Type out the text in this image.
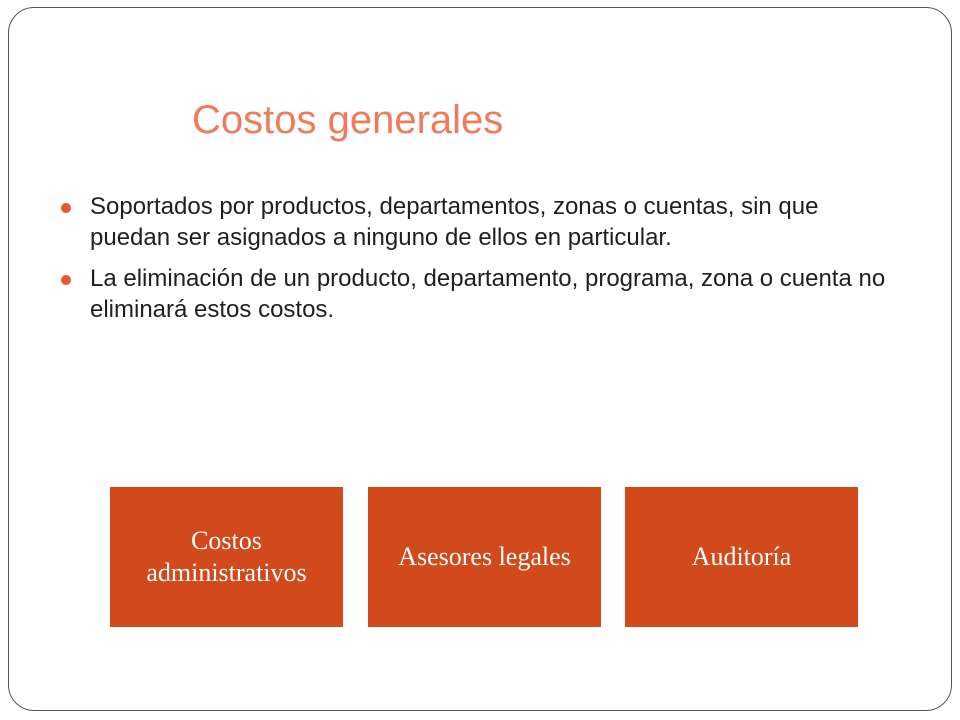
Costos generales
Soportados por productos, departamentos, zonas o cuentas, sin que puedan ser asignados a ninguno de ellos en particular.
La eliminación de un producto, departamento, programa, zona o cuenta no eliminará estos costos.
Costos administrativos
Asesores legales	Auditoría
